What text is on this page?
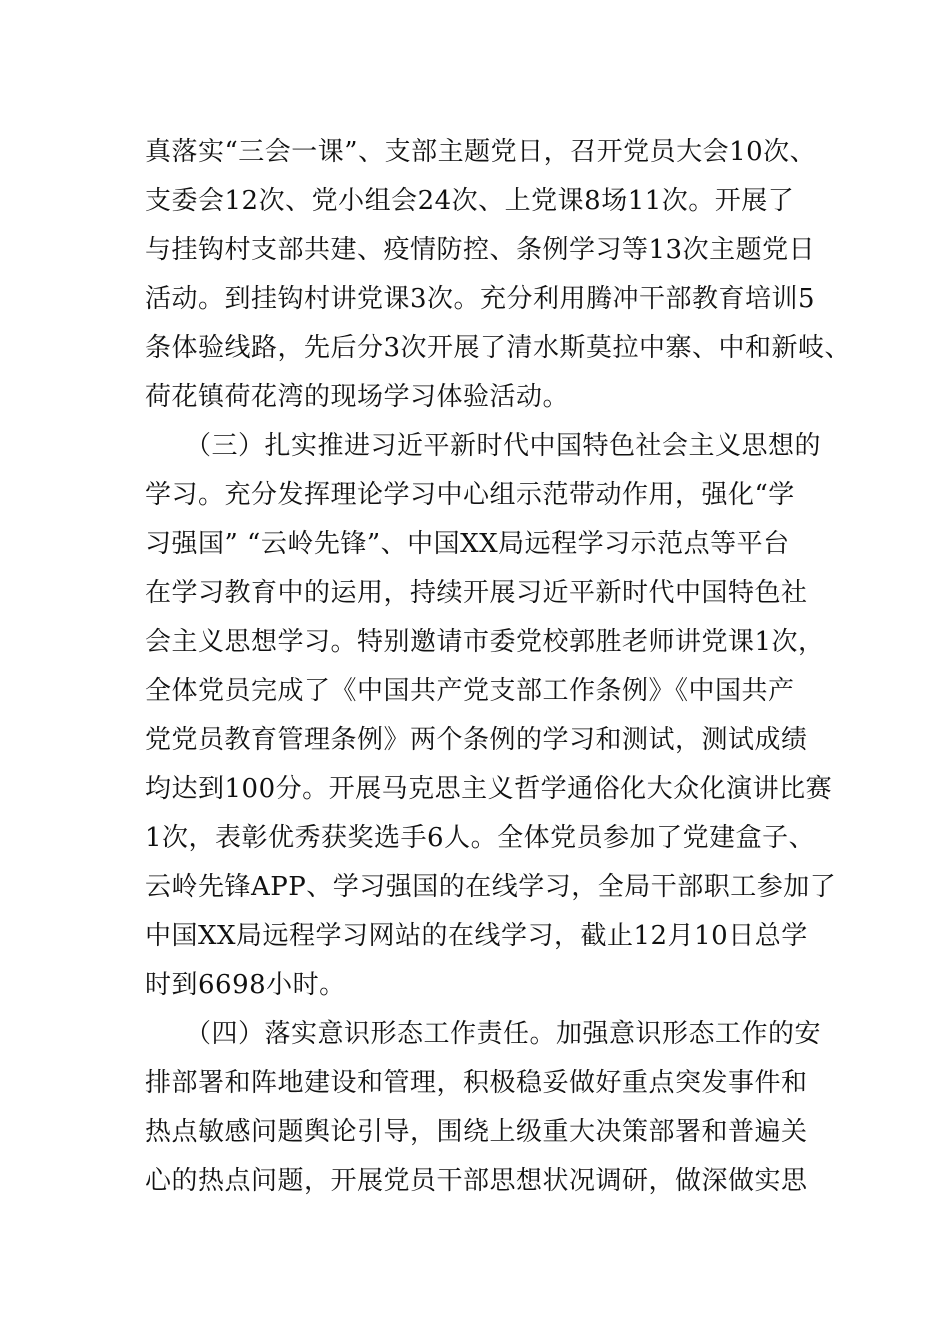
真落实“三会一课”、支部主题党日，召开党员大会10次、
支委会12次、党小组会24次、上党课8场11次。开展了
与挂钩村支部共建、疫情防控、条例学习等13次主题党日
活动。到挂钩村讲党课3次。充分利用腾冲干部教育培训5
条体验线路，先后分3次开展了清水斯莫拉中寨、中和新岐、
荷花镇荷花湾的现场学习体验活动。
（三）扎实推进习近平新时代中国特色社会主义思想的
学习。充分发挥理论学习中心组示范带动作用，强化“学
习强国” “云岭先锋”、中国XX局远程学习示范点等平台
在学习教育中的运用，持续开展习近平新时代中国特色社
会主义思想学习。特别邀请市委党校郭胜老师讲党课1次，
全体党员完成了《中国共产党支部工作条例》《中国共产
党党员教育管理条例》两个条例的学习和测试，测试成绩
均达到100分。开展马克思主义哲学通俗化大众化演讲比赛
1次，表彰优秀获奖选手6人。全体党员参加了党建盒子、
云岭先锋APP、学习强国的在线学习，全局干部职工参加了
中国XX局远程学习网站的在线学习，截止12月10日总学
时到6698小时。
（四）落实意识形态工作责任。加强意识形态工作的安
排部署和阵地建设和管理，积极稳妥做好重点突发事件和
热点敏感问题舆论引导，围绕上级重大决策部署和普遍关
心的热点问题，开展党员干部思想状况调研，做深做实思
